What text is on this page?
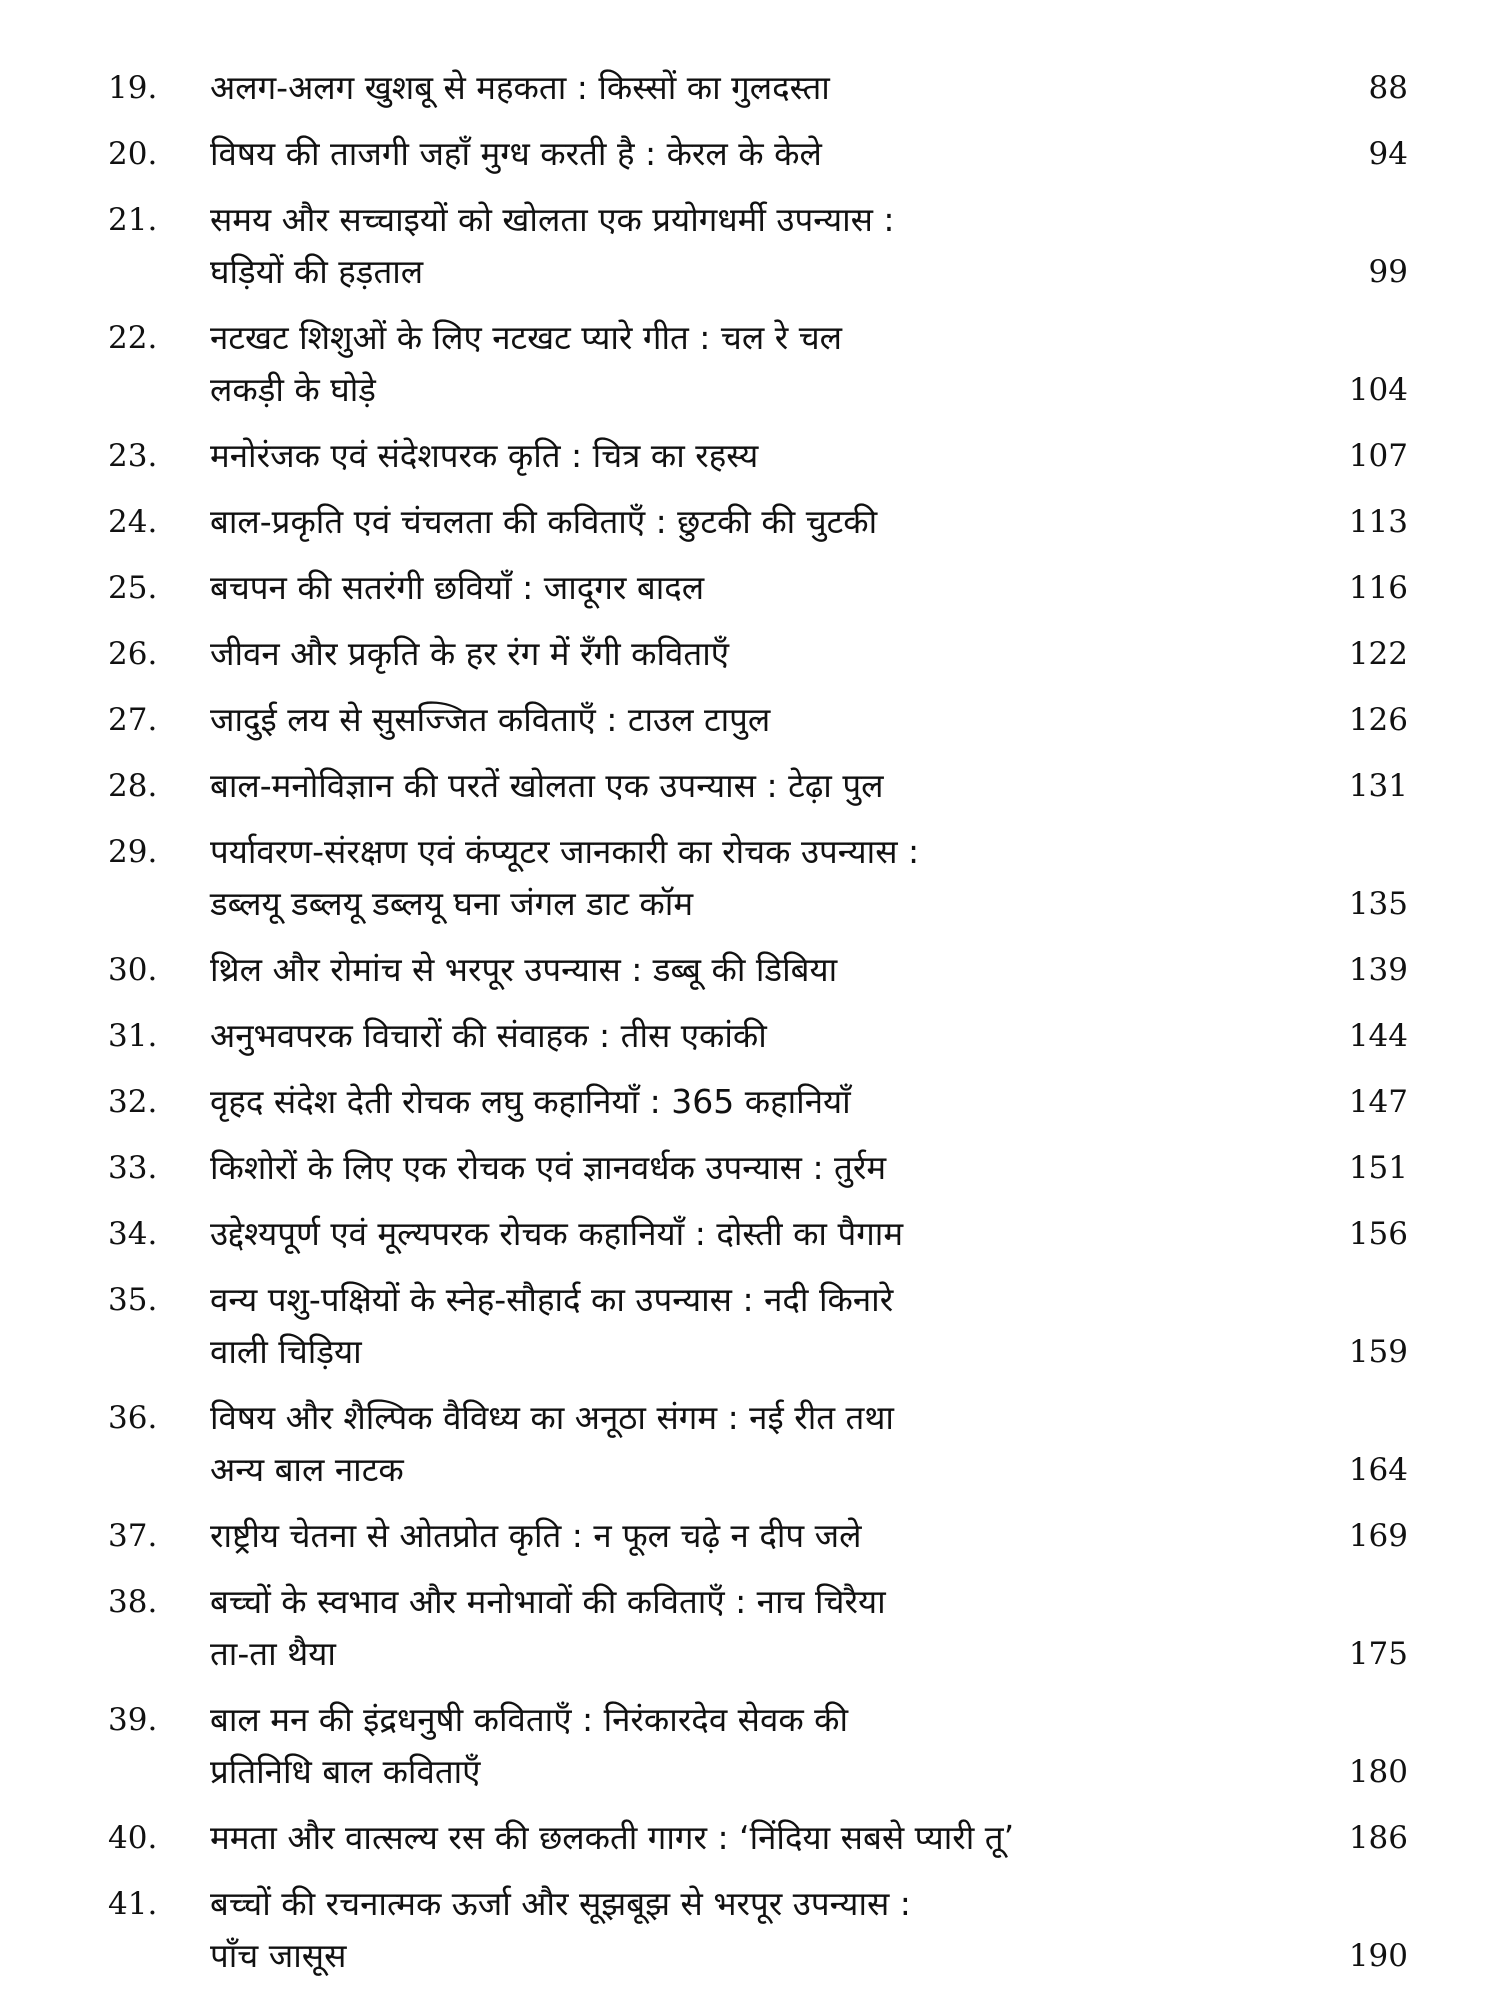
19.	अलग-अलग खुशबू से महकता : किस्सों का गुलदस्ता	88
20.	विषय की ताजगी जहाँ मुग्ध करती है : केरल के केले	94
21.	समय और सच्चाइयों को खोलता एक प्रयोगधर्मी उपन्यास :
घड़ियों की हड़ताल	99
22.	नटखट शिशुओं के लिए नटखट प्यारे गीत : चल रे चल
लकड़ी के घोड़े	104
23.	मनोरंजक एवं संदेशपरक कृति : चित्र का रहस्य	107
24.	बाल-प्रकृति एवं चंचलता की कविताएँ : छुटकी की चुटकी	113
25.	बचपन की सतरंगी छवियाँ : जादूगर बादल	116
26.	जीवन और प्रकृति के हर रंग में रँगी कविताएँ	122
27.	जादुई लय से सुसज्जित कविताएँ : टाउल टापुल	126
28.	बाल-मनोविज्ञान की परतें खोलता एक उपन्यास : टेढ़ा पुल	131
29.	पर्यावरण-संरक्षण एवं कंप्यूटर जानकारी का रोचक उपन्यास :
डब्लयू डब्लयू डब्लयू घना जंगल डाट कॉम	135
30.	थ्रिल और रोमांच से भरपूर उपन्यास : डब्बू की डिबिया	139
31.	अनुभवपरक विचारों की संवाहक : तीस एकांकी	144
32.	वृहद संदेश देती रोचक लघु कहानियाँ : 365 कहानियाँ	147
33.	किशोरों के लिए एक रोचक एवं ज्ञानवर्धक उपन्यास : तुर्रम	151
34.	उद्देश्यपूर्ण एवं मूल्यपरक रोचक कहानियाँ : दोस्ती का पैगाम	156
35.	वन्य पशु-पक्षियों के स्नेह-सौहार्द का उपन्यास : नदी किनारे
वाली चिड़िया	159
36.	विषय और शैल्पिक वैविध्य का अनूठा संगम : नई रीत तथा
अन्य बाल नाटक	164
37.	राष्ट्रीय चेतना से ओतप्रोत कृति : न फूल चढ़े न दीप जले	169
38.	बच्चों के स्वभाव और मनोभावों की कविताएँ : नाच चिरैया
ता-ता थैया	175
39.	बाल मन की इंद्रधनुषी कविताएँ : निरंकारदेव सेवक की
प्रतिनिधि बाल कविताएँ	180
40.	ममता और वात्सल्य रस की छलकती गागर : ‘निंदिया सबसे प्यारी तू’	186
41.	बच्चों की रचनात्मक ऊर्जा और सूझबूझ से भरपूर उपन्यास :
पाँच जासूस	190
